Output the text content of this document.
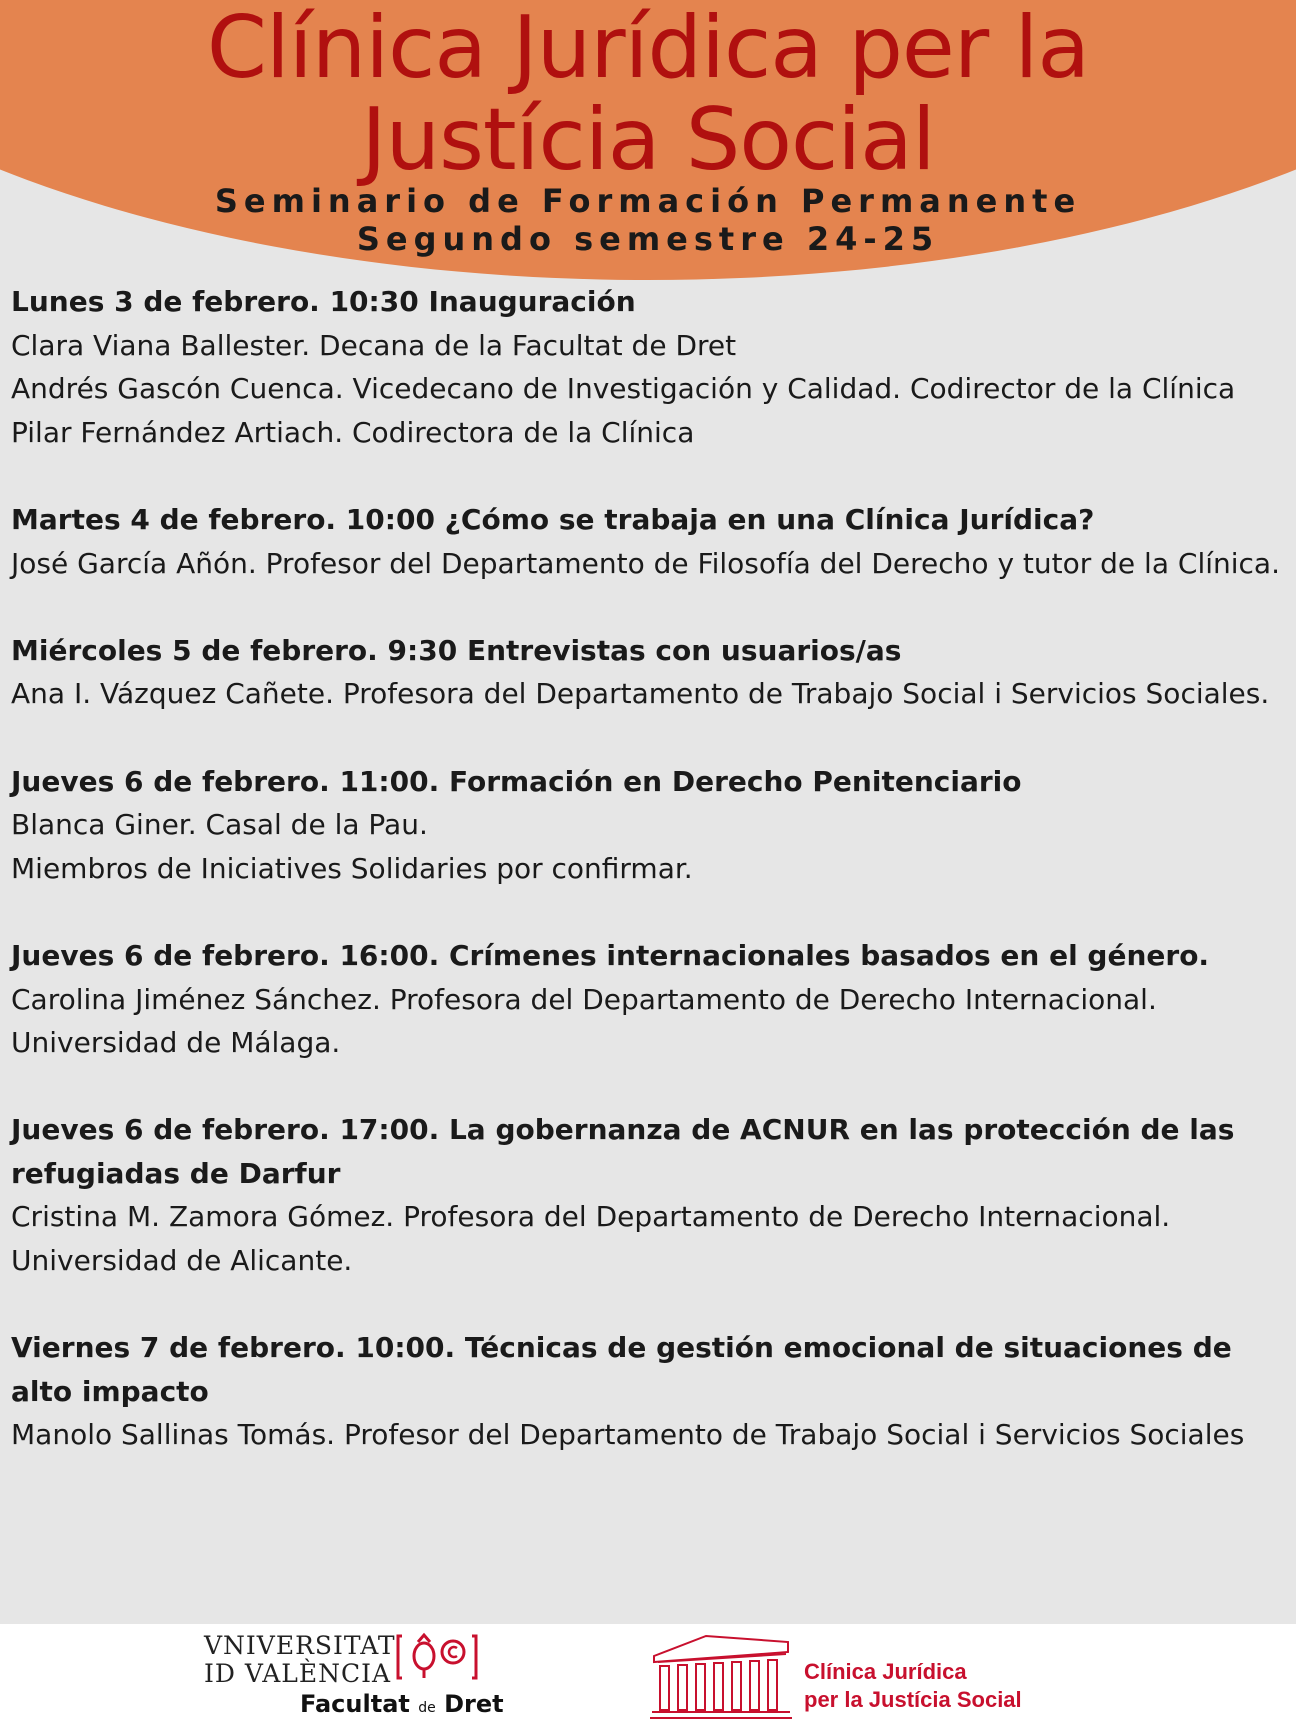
Clínica Jurídica per la
Justícia Social
Seminario de Formación Permanente
Segundo semestre 24-25
Lunes 3 de febrero. 10:30 Inauguración
Clara Viana Ballester. Decana de la Facultat de Dret
Andrés Gascón Cuenca. Vicedecano de Investigación y Calidad. Codirector de la Clínica
Pilar Fernández Artiach. Codirectora de la Clínica
Martes 4 de febrero. 10:00 ¿Cómo se trabaja en una Clínica Jurídica?
José García Añón. Profesor del Departamento de Filosofía del Derecho y tutor de la Clínica.
Miércoles 5 de febrero. 9:30 Entrevistas con usuarios/as
Ana I. Vázquez Cañete. Profesora del Departamento de Trabajo Social i Servicios Sociales.
Jueves 6 de febrero. 11:00. Formación en Derecho Penitenciario
Blanca Giner. Casal de la Pau.
Miembros de Iniciatives Solidaries por confirmar.
Jueves 6 de febrero. 16:00. Crímenes internacionales basados en el género.
Carolina Jiménez Sánchez. Profesora del Departamento de Derecho Internacional. Universidad de Málaga.
Jueves 6 de febrero. 17:00. La gobernanza de ACNUR en las protección de las refugiadas de Darfur
Cristina M. Zamora Gómez. Profesora del Departamento de Derecho Internacional. Universidad de Alicante.
Viernes 7 de febrero. 10:00. Técnicas de gestión emocional de situaciones de alto impacto
Manolo Sallinas Tomás. Profesor del Departamento de Trabajo Social i Servicios Sociales
VNIVERSITAT
ID VALÈNCIA
Facultat de Dret
Clínica Jurídica
per la Justícia Social
